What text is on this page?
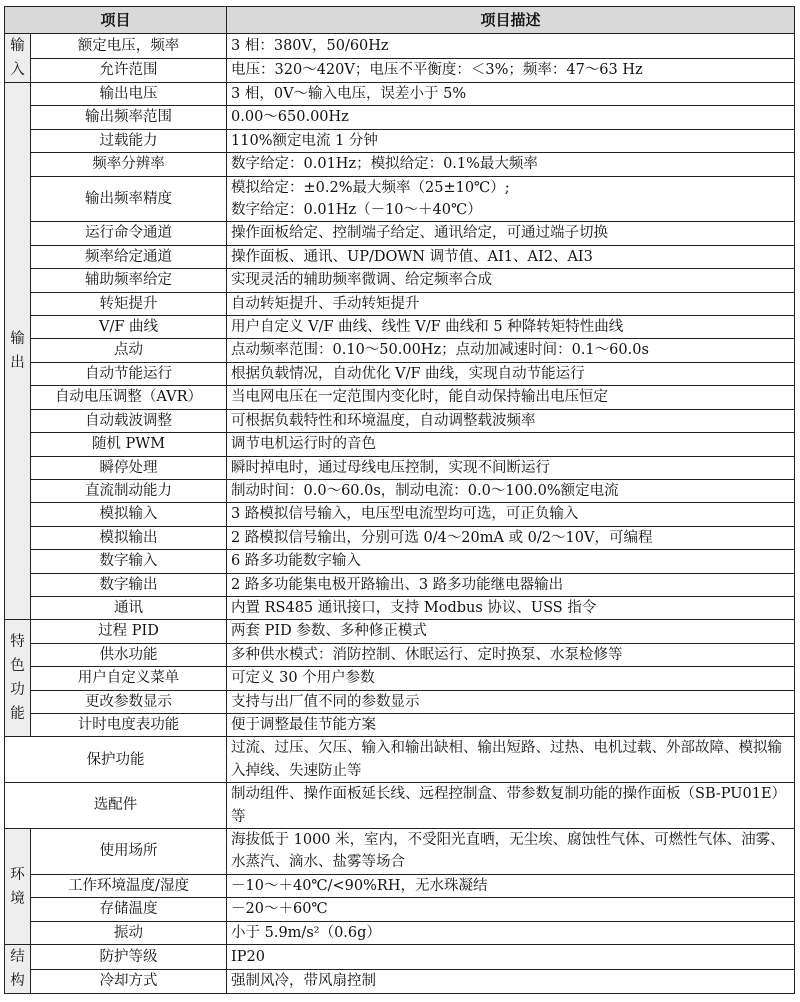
项目		项目描述

输入	额定电压，频率	3 相：380V，50/60Hz
	允许范围	电压：320～420V；电压不平衡度：＜3%；频率：47～63 Hz

输出	输出电压	3 相，0V～输入电压，误差小于 5%
	输出频率范围	0.00～650.00Hz
	过载能力	110%额定电流 1 分钟
	频率分辨率	数字给定：0.01Hz；模拟给定：0.1%最大频率
	输出频率精度	模拟给定：±0.2%最大频率（25±10℃）;
数字给定：0.01Hz（－10～＋40℃）
	运行命令通道	操作面板给定、控制端子给定、通讯给定，可通过端子切换
	频率给定通道	操作面板、通讯、UP/DOWN 调节值、AI1、AI2、AI3
	辅助频率给定	实现灵活的辅助频率微调、给定频率合成
	转矩提升	自动转矩提升、手动转矩提升
	V/F 曲线	用户自定义 V/F 曲线、线性 V/F 曲线和 5 种降转矩特性曲线
	点动	点动频率范围：0.10～50.00Hz；点动加减速时间：0.1～60.0s
	自动节能运行	根据负载情况，自动优化 V/F 曲线，实现自动节能运行
	自动电压调整（AVR）	当电网电压在一定范围内变化时，能自动保持输出电压恒定
	自动载波调整	可根据负载特性和环境温度，自动调整载波频率
	随机 PWM	调节电机运行时的音色
	瞬停处理	瞬时掉电时，通过母线电压控制，实现不间断运行
	直流制动能力	制动时间：0.0～60.0s，制动电流：0.0～100.0%额定电流
	模拟输入	3 路模拟信号输入，电压型电流型均可选，可正负输入
	模拟输出	2 路模拟信号输出，分别可选 0/4～20mA 或 0/2～10V，可编程
	数字输入	6 路多功能数字输入
	数字输出	2 路多功能集电极开路输出、3 路多功能继电器输出
	通讯	内置 RS485 通讯接口，支持 Modbus 协议、USS 指令

特色功能	过程 PID	两套 PID 参数、多种修正模式
	供水功能	多种供水模式：消防控制、休眠运行、定时换泵、水泵检修等
	用户自定义菜单	可定义 30 个用户参数
	更改参数显示	支持与出厂值不同的参数显示
	计时电度表功能	便于调整最佳节能方案
保护功能		过流、过压、欠压、输入和输出缺相、输出短路、过热、电机过载、外部故障、模拟输入掉线、失速防止等
选配件		制动组件、操作面板延长线、远程控制盒、带参数复制功能的操作面板（SB-PU01E）等

环境	使用场所	海拔低于 1000 米，室内，不受阳光直晒，无尘埃、腐蚀性气体、可燃性气体、油雾、水蒸汽、滴水、盐雾等场合
	工作环境温度/湿度	－10～＋40℃/<90%RH，无水珠凝结
	存储温度	－20～＋60℃
	振动	小于 5.9m/s²（0.6g）

结构	防护等级	IP20
	冷却方式	强制风冷，带风扇控制
